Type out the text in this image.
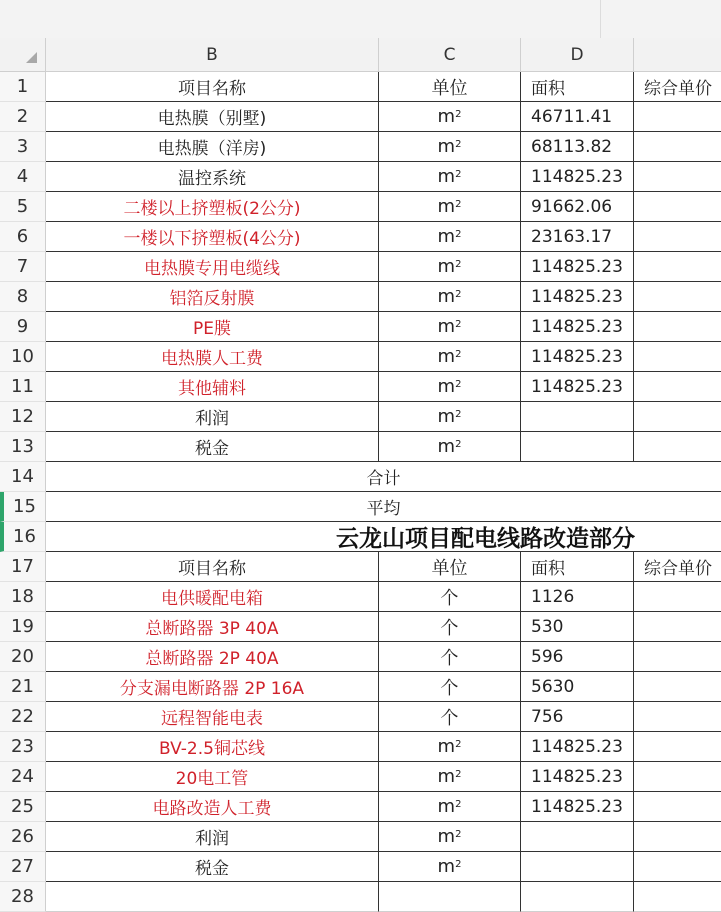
B	C	D
1	项目名称	单位	面积	综合单价
2	电热膜（别墅)	$m^2$	46711.41
3	电热膜（洋房)	$m^2$	68113.82
4	温控系统	$m^2$	114825.23
5	二楼以上挤塑板(2公分)	$m^2$	91662.06
6	一楼以下挤塑板(4公分)	$m^2$	23163.17
7	电热膜专用电缆线	$m^2$	114825.23
8	铝箔反射膜	$m^2$	114825.23
9	PE膜	$m^2$	114825.23
10	电热膜人工费	$m^2$	114825.23
11	其他辅料	$m^2$	114825.23
12	利润	$m^2$
13	税金	$m^2$
14	合计
15	平均
16	云龙山项目配电线路改造部分
17	项目名称	单位	面积	综合单价
18	电供暖配电箱	个	1126
19	总断路器 3P 40A	个	530
20	总断路器 2P 40A	个	596
21	分支漏电断路器 2P 16A	个	5630
22	远程智能电表	个	756
23	BV-2.5铜芯线	$m^2$	114825.23
24	20电工管	$m^2$	114825.23
25	电路改造人工费	$m^2$	114825.23
26	利润	$m^2$
27	税金	$m^2$
28
